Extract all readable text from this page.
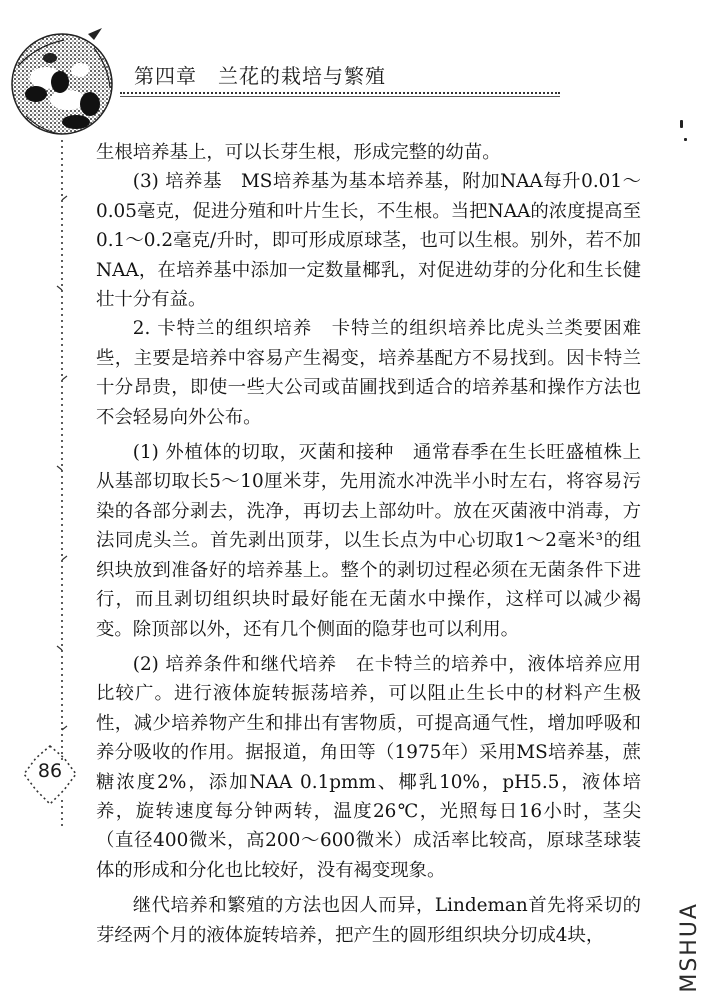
第四章　兰花的栽培与繁殖
86

生根培养基上，可以长芽生根，形成完整的幼苗。

(3) 培养基　MS培养基为基本培养基，附加NAA每升0.01～0.05毫克，促进分殖和叶片生长，不生根。当把NAA的浓度提高至0.1～0.2毫克/升时，即可形成原球茎，也可以生根。别外，若不加NAA，在培养基中添加一定数量椰乳，对促进幼芽的分化和生长健壮十分有益。

2. 卡特兰的组织培养　卡特兰的组织培养比虎头兰类要困难些，主要是培养中容易产生褐变，培养基配方不易找到。因卡特兰十分昂贵，即使一些大公司或苗圃找到适合的培养基和操作方法也不会轻易向外公布。

(1) 外植体的切取，灭菌和接种　通常春季在生长旺盛植株上从基部切取长5～10厘米芽，先用流水冲洗半小时左右，将容易污染的各部分剥去，洗净，再切去上部幼叶。放在灭菌液中消毒，方法同虎头兰。首先剥出顶芽，以生长点为中心切取1～2毫米³的组织块放到准备好的培养基上。整个的剥切过程必须在无菌条件下进行，而且剥切组织块时最好能在无菌水中操作，这样可以减少褐变。除顶部以外，还有几个侧面的隐芽也可以利用。

(2) 培养条件和继代培养　在卡特兰的培养中，液体培养应用比较广。进行液体旋转振荡培养，可以阻止生长中的材料产生极性，减少培养物产生和排出有害物质，可提高通气性，增加呼吸和养分吸收的作用。据报道，角田等（1975年）采用MS培养基，蔗糖浓度2%，添加NAA 0.1pmm、椰乳10%，pH5.5，液体培养，旋转速度每分钟两转，温度26℃，光照每日16小时，茎尖（直径400微米，高200～600微米）成活率比较高，原球茎球装体的形成和分化也比较好，没有褐变现象。

继代培养和繁殖的方法也因人而异，Lindeman首先将采切的芽经两个月的液体旋转培养，把产生的圆形组织块分切成4块，	MSHUA
